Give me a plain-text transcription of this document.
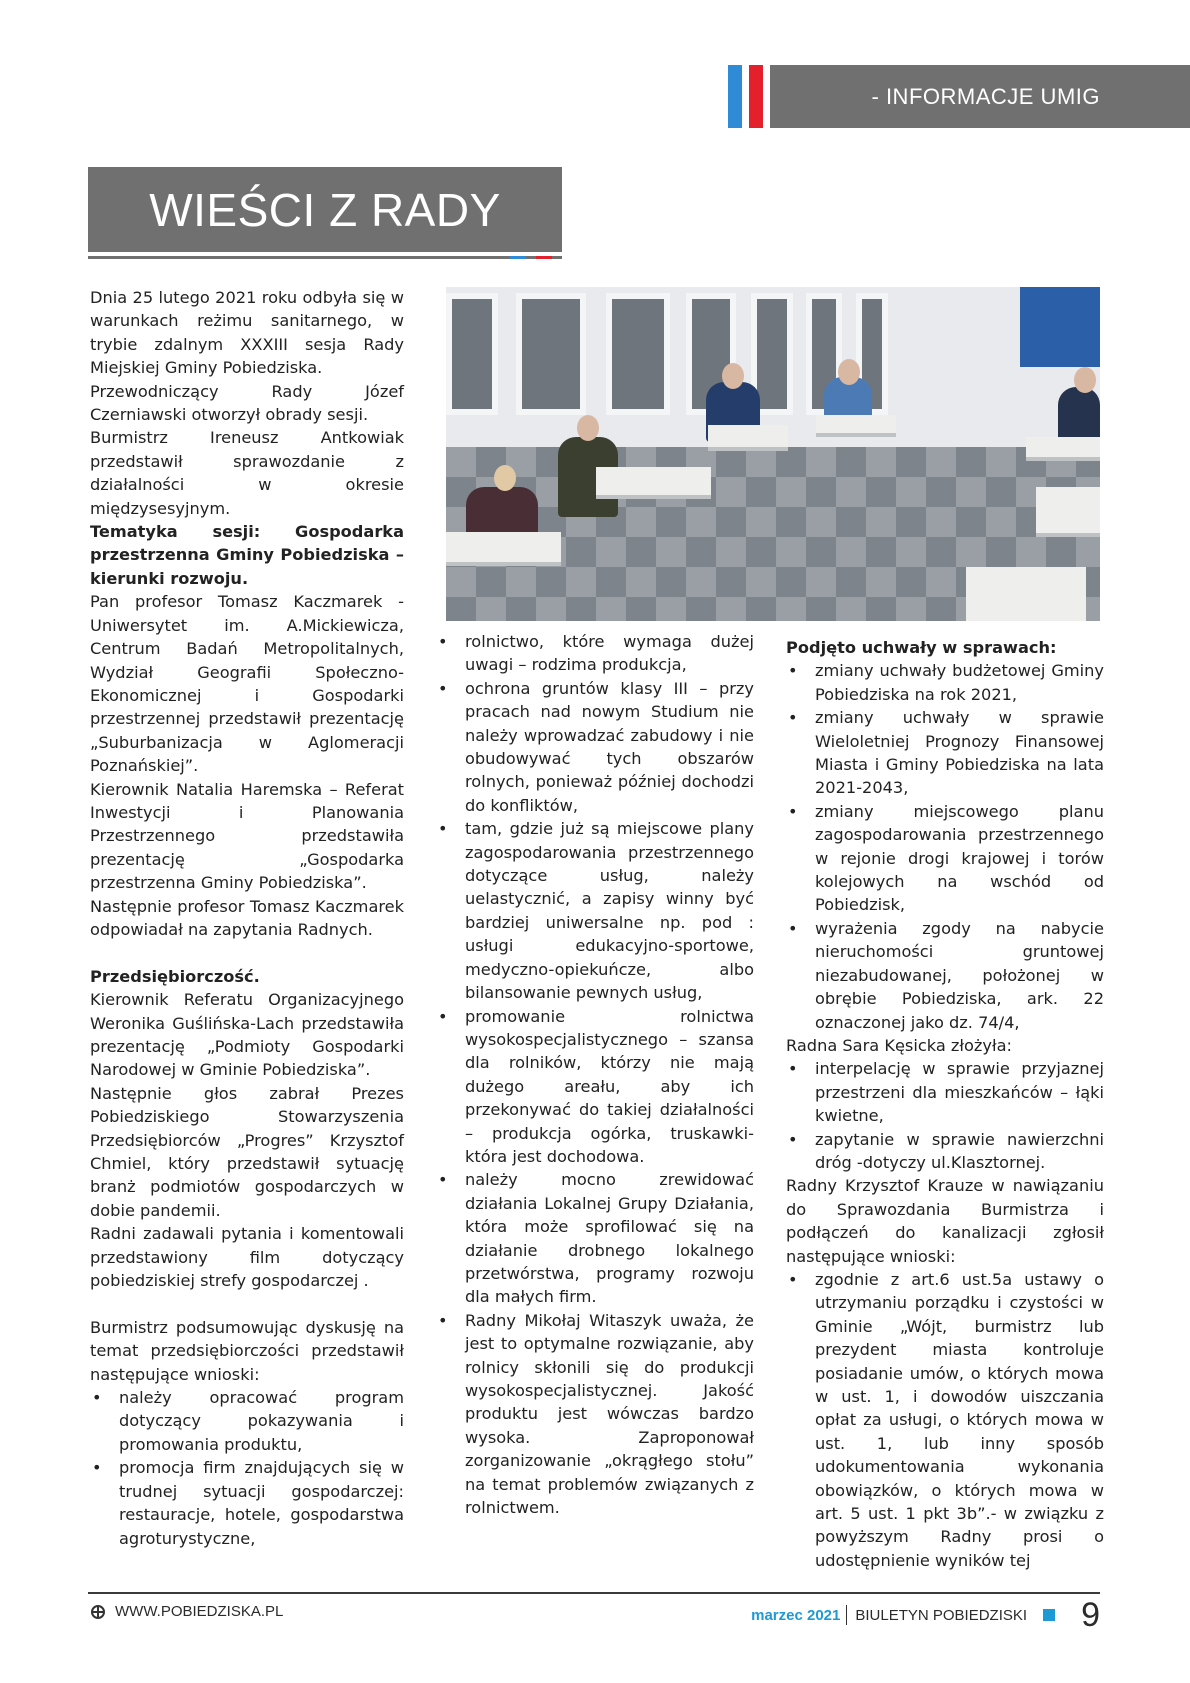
- INFORMACJE UMIG
WIEŚCI Z RADY

Dnia 25 lutego 2021 roku odbyła się w warunkach reżimu sanitarnego, w trybie zdalnym XXXIII sesja Rady Miejskiej Gminy Pobiedziska.

Przewodniczący Rady Józef Czerniawski otworzył obrady sesji.

Burmistrz Ireneusz Antkowiak przedstawił sprawozdanie z działalności w okresie międzysesyjnym.

Tematyka sesji: Gospodarka przestrzenna Gminy Pobiedziska – kierunki rozwoju.

Pan profesor Tomasz Kaczmarek - Uniwersytet im. A.Mickiewicza, Centrum Badań Metropolitalnych, Wydział Geografii Społeczno-Ekonomicznej i Gospodarki przestrzennej przedstawił prezentację „Suburbanizacja w Aglomeracji Poznańskiej”.

Kierownik Natalia Haremska – Referat Inwestycji i Planowania Przestrzennego przedstawiła prezentację „Gospodarka przestrzenna Gminy Pobiedziska”.

Następnie profesor Tomasz Kaczmarek odpowiadał na zapytania Radnych.

Przedsiębiorczość.

Kierownik Referatu Organizacyjnego Weronika Guślińska-Lach przedstawiła prezentację „Podmioty Gospodarki Narodowej w Gminie Pobiedziska”.

Następnie głos zabrał Prezes Pobiedziskiego Stowarzyszenia Przedsiębiorców „Progres” Krzysztof Chmiel, który przedstawił sytuację branż podmiotów gospodarczych w dobie pandemii.

Radni zadawali pytania i komentowali przedstawiony film dotyczący pobiedziskiej strefy gospodarczej .

Burmistrz podsumowując dyskusję na temat przedsiębiorczości przedstawił następujące wnioski:

• należy opracować program dotyczący pokazywania i promowania produktu,
• promocja firm znajdujących się w trudnej sytuacji gospodarczej: restauracje, hotele, gospodarstwa agroturystyczne,
• rolnictwo, które wymaga dużej uwagi – rodzima produkcja,
• ochrona gruntów klasy III – przy pracach nad nowym Studium nie należy wprowadzać zabudowy i nie obudowywać tych obszarów rolnych, ponieważ później dochodzi do konfliktów,
• tam, gdzie już są miejscowe plany zagospodarowania przestrzennego dotyczące usług, należy uelastycznić, a zapisy winny być bardziej uniwersalne np. pod : usługi edukacyjno-sportowe, medyczno-opiekuńcze, albo bilansowanie pewnych usług,
• promowanie rolnictwa wysokospecjalistycznego – szansa dla rolników, którzy nie mają dużego areału, aby ich przekonywać do takiej działalności – produkcja ogórka, truskawki- która jest dochodowa.
• należy mocno zrewidować działania Lokalnej Grupy Działania, która może sprofilować się na działanie drobnego lokalnego przetwórstwa, programy rozwoju dla małych firm.
• Radny Mikołaj Witaszyk uważa, że jest to optymalne rozwiązanie, aby rolnicy skłonili się do produkcji wysokospecjalistycznej. Jakość produktu jest wówczas bardzo wysoka. Zaproponował zorganizowanie „okrągłego stołu” na temat problemów związanych z rolnictwem.

Podjęto uchwały w sprawach:

• zmiany uchwały budżetowej Gminy Pobiedziska na rok 2021,
• zmiany uchwały w sprawie Wieloletniej Prognozy Finansowej Miasta i Gminy Pobiedziska na lata 2021-2043,
• zmiany miejscowego planu zagospodarowania przestrzennego w rejonie drogi krajowej i torów kolejowych na wschód od Pobiedzisk,
• wyrażenia zgody na nabycie nieruchomości gruntowej niezabudowanej, położonej w obrębie Pobiedziska, ark. 22 oznaczonej jako dz. 74/4,

Radna Sara Kęsicka złożyła:

• interpelację w sprawie przyjaznej przestrzeni dla mieszkańców – łąki kwietne,
• zapytanie w sprawie nawierzchni dróg -dotyczy ul.Klasztornej.

Radny Krzysztof Krauze w nawiązaniu do Sprawozdania Burmistrza i podłączeń do kanalizacji zgłosił następujące wnioski:

• zgodnie z art.6 ust.5a ustawy o utrzymaniu porządku i czystości w Gminie „Wójt, burmistrz lub prezydent miasta kontroluje posiadanie umów, o których mowa w ust. 1, i dowodów uiszczania opłat za usługi, o których mowa w ust. 1, lub inny sposób udokumentowania wykonania obowiązków, o których mowa w art. 5 ust. 1 pkt 3b”.- w związku z powyższym Radny prosi o udostępnienie wyników tej
WWW.POBIEDZISKA.PL	marzec 2021 BIULETYN POBIEDZISKI 9
